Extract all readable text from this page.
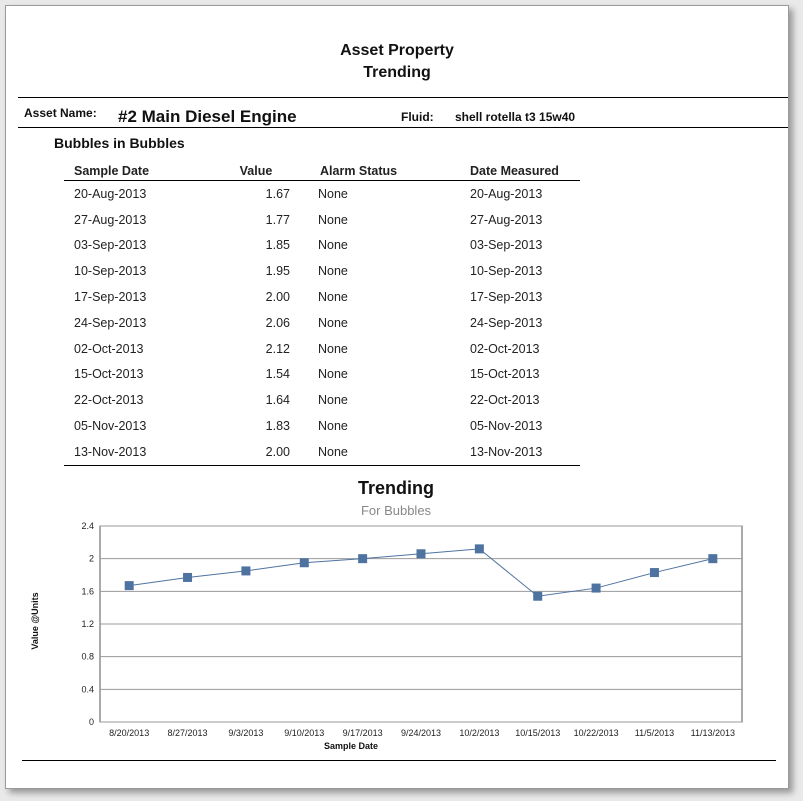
Asset Property
Trending
Asset Name: #2 Main Diesel Engine	Fluid: shell rotella t3 15w40
Bubbles in Bubbles
Sample Date	Value	Alarm Status	Date Measured
20-Aug-2013	1.67	None	20-Aug-2013
27-Aug-2013	1.77	None	27-Aug-2013
03-Sep-2013	1.85	None	03-Sep-2013
10-Sep-2013	1.95	None	10-Sep-2013
17-Sep-2013	2.00	None	17-Sep-2013
24-Sep-2013	2.06	None	24-Sep-2013
02-Oct-2013	2.12	None	02-Oct-2013
15-Oct-2013	1.54	None	15-Oct-2013
22-Oct-2013	1.64	None	22-Oct-2013
05-Nov-2013	1.83	None	05-Nov-2013
13-Nov-2013	2.00	None	13-Nov-2013
Trending
For Bubbles
0
0.4
0.8
1.2
1.6
2
2.4
8/20/2013 8/27/2013 9/3/2013 9/10/2013 9/17/2013 9/24/2013 10/2/2013 10/15/2013 10/22/2013 11/5/2013 11/13/2013
Sample Date
Value @Units
